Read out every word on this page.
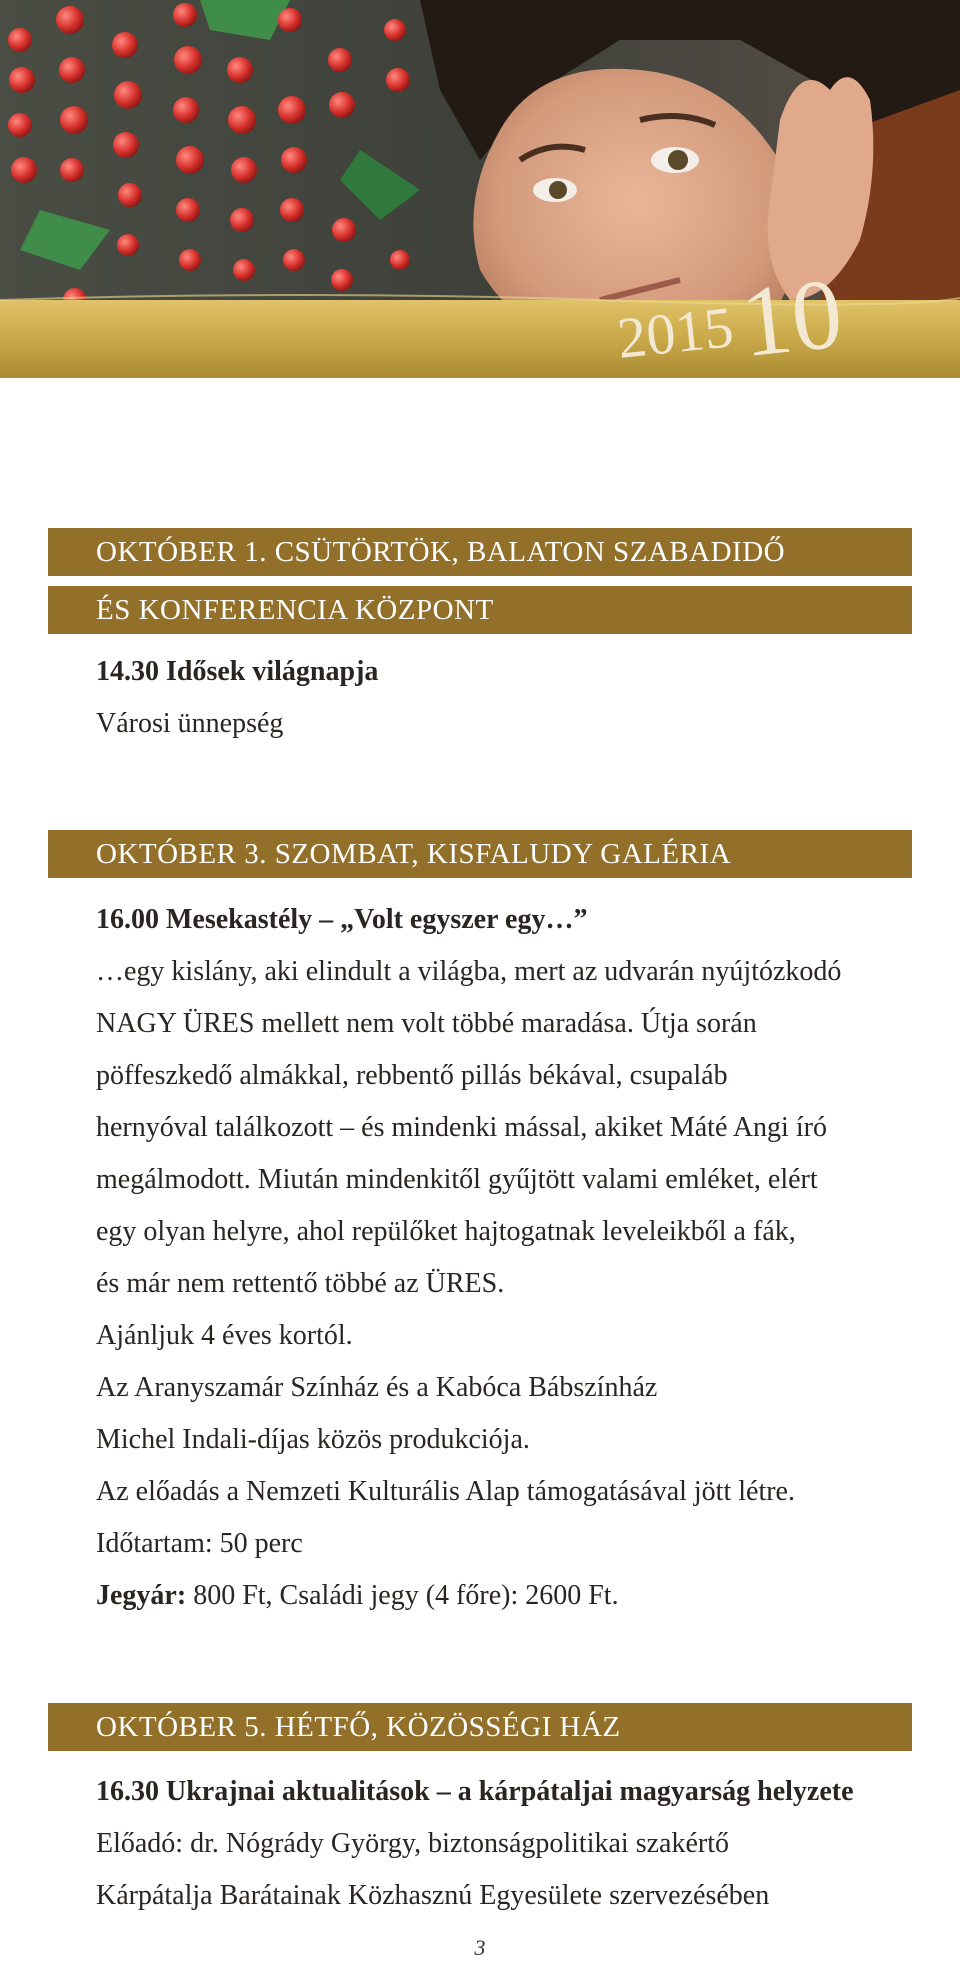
2015 10
OKTÓBER 1. CSÜTÖRTÖK, BALATON SZABADIDŐ
ÉS KONFERENCIA KÖZPONT

14.30 Idősek világnapja

Városi ünnepség

OKTÓBER 3. SZOMBAT, KISFALUDY GALÉRIA

16.00 Mesekastély – „Volt egyszer egy…”

…egy kislány, aki elindult a világba, mert az udvarán nyújtózkodó

NAGY ÜRES mellett nem volt többé maradása. Útja során

pöffeszkedő almákkal, rebbentő pillás békával, csupaláb

hernyóval találkozott – és mindenki mással, akiket Máté Angi író

megálmodott. Miután mindenkitől gyűjtött valami emléket, elért

egy olyan helyre, ahol repülőket hajtogatnak leveleikből a fák,

és már nem rettentő többé az ÜRES.

Ajánljuk 4 éves kortól.

Az Aranyszamár Színház és a Kabóca Bábszínház

Michel Indali-díjas közös produkciója.

Az előadás a Nemzeti Kulturális Alap támogatásával jött létre.

Időtartam: 50 perc

Jegyár: 800 Ft, Családi jegy (4 főre): 2600 Ft.

OKTÓBER 5. HÉTFŐ, KÖZÖSSÉGI HÁZ

16.30 Ukrajnai aktualitások – a kárpátaljai magyarság helyzete

Előadó: dr. Nógrády György, biztonságpolitikai szakértő

Kárpátalja Barátainak Közhasznú Egyesülete szervezésében

3
